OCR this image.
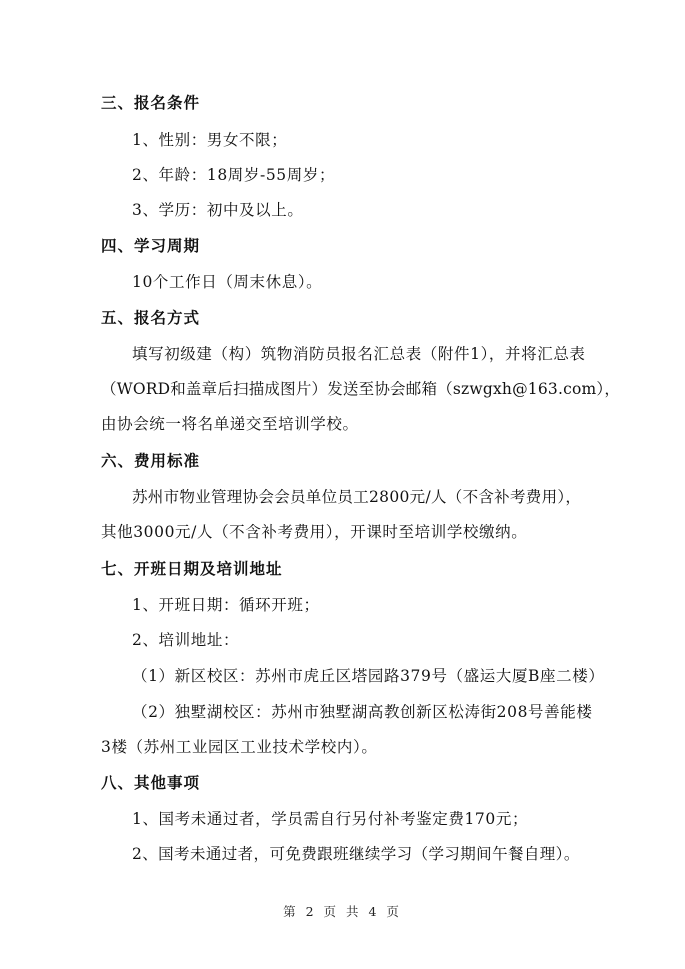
三、报名条件
1、性别：男女不限；
2、年龄：18周岁-55周岁；
3、学历：初中及以上。
四、学习周期
10个工作日（周末休息）。
五、报名方式
填写初级建（构）筑物消防员报名汇总表（附件1），并将汇总表
（WORD和盖章后扫描成图片）发送至协会邮箱（szwgxh@163.com），
由协会统一将名单递交至培训学校。
六、费用标准
苏州市物业管理协会会员单位员工2800元/人（不含补考费用），
其他3000元/人（不含补考费用），开课时至培训学校缴纳。
七、开班日期及培训地址
1、开班日期：循环开班；
2、培训地址：
（1）新区校区：苏州市虎丘区塔园路379号（盛运大厦B座二楼）
（2）独墅湖校区：苏州市独墅湖高教创新区松涛街208号善能楼
3楼（苏州工业园区工业技术学校内）。
八、其他事项
1、国考未通过者，学员需自行另付补考鉴定费170元；
2、国考未通过者，可免费跟班继续学习（学习期间午餐自理）。
第 2 页 共 4 页
